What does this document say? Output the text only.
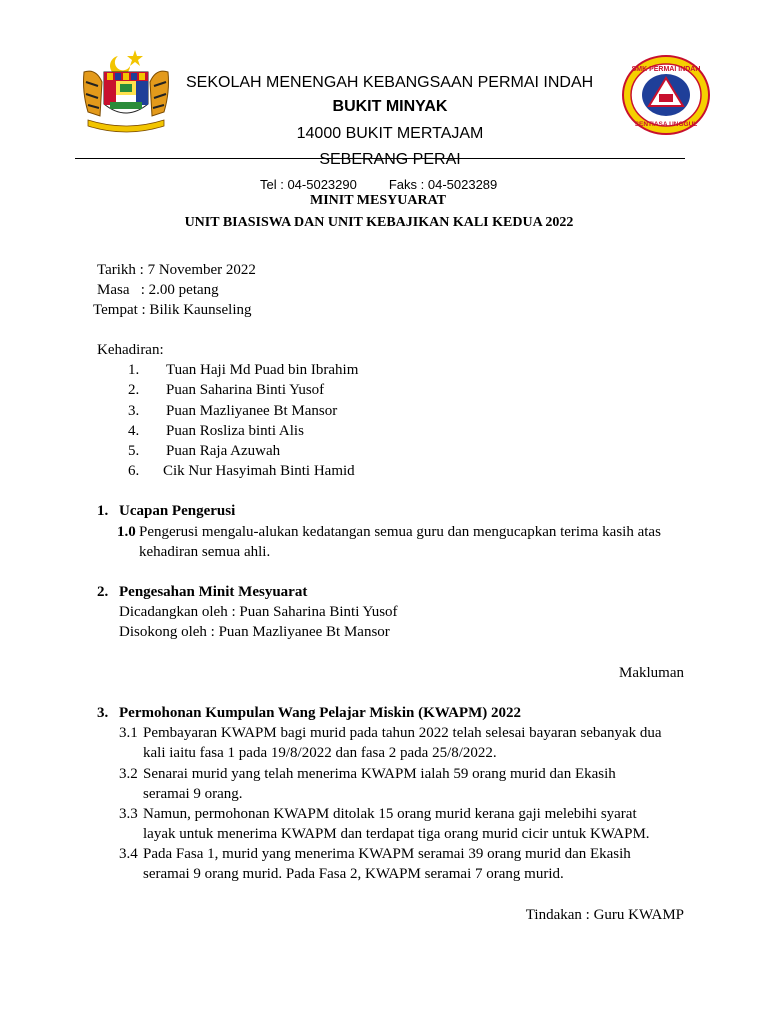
SMK PERMAI INDAH
SENTIASA UNGGUL
SEKOLAH MENENGAH KEBANGSAAN PERMAI INDAH
BUKIT MINYAK
14000 BUKIT MERTAJAM
SEBERANG PERAI
Tel : 04-5023290 Faks : 04-5023289
MINIT MESYUARAT
UNIT BIASISWA DAN UNIT KEBAJIKAN KALI KEDUA 2022
Tarikh : 7 November 2022
Masa   : 2.00 petang
Tempat : Bilik Kaunseling
Kehadiran:
1. Tuan Haji Md Puad bin Ibrahim
2. Puan Saharina Binti Yusof
3. Puan Mazliyanee Bt Mansor
4. Puan Rosliza binti Alis
5. Puan Raja Azuwah
6. Cik Nur Hasyimah Binti Hamid
1. Ucapan Pengerusi
1.0 Pengerusi mengalu-alukan kedatangan semua guru dan mengucapkan terima kasih atas
kehadiran semua ahli.
2. Pengesahan Minit Mesyuarat
Dicadangkan oleh : Puan Saharina Binti Yusof
Disokong oleh : Puan Mazliyanee Bt Mansor
Makluman
3. Permohonan Kumpulan Wang Pelajar Miskin (KWAPM) 2022
3.1 Pembayaran KWAPM bagi murid pada tahun 2022 telah selesai bayaran sebanyak dua
kali iaitu fasa 1 pada 19/8/2022 dan fasa 2 pada 25/8/2022.
3.2 Senarai murid yang telah menerima KWAPM ialah 59 orang murid dan Ekasih
seramai 9 orang.
3.3 Namun, permohonan KWAPM ditolak 15 orang murid kerana gaji melebihi syarat
layak untuk menerima KWAPM dan terdapat tiga orang murid cicir untuk KWAPM.
3.4 Pada Fasa 1, murid yang menerima KWAPM seramai 39 orang murid dan Ekasih
seramai 9 orang murid. Pada Fasa 2, KWAPM seramai 7 orang murid.
Tindakan : Guru KWAMP
